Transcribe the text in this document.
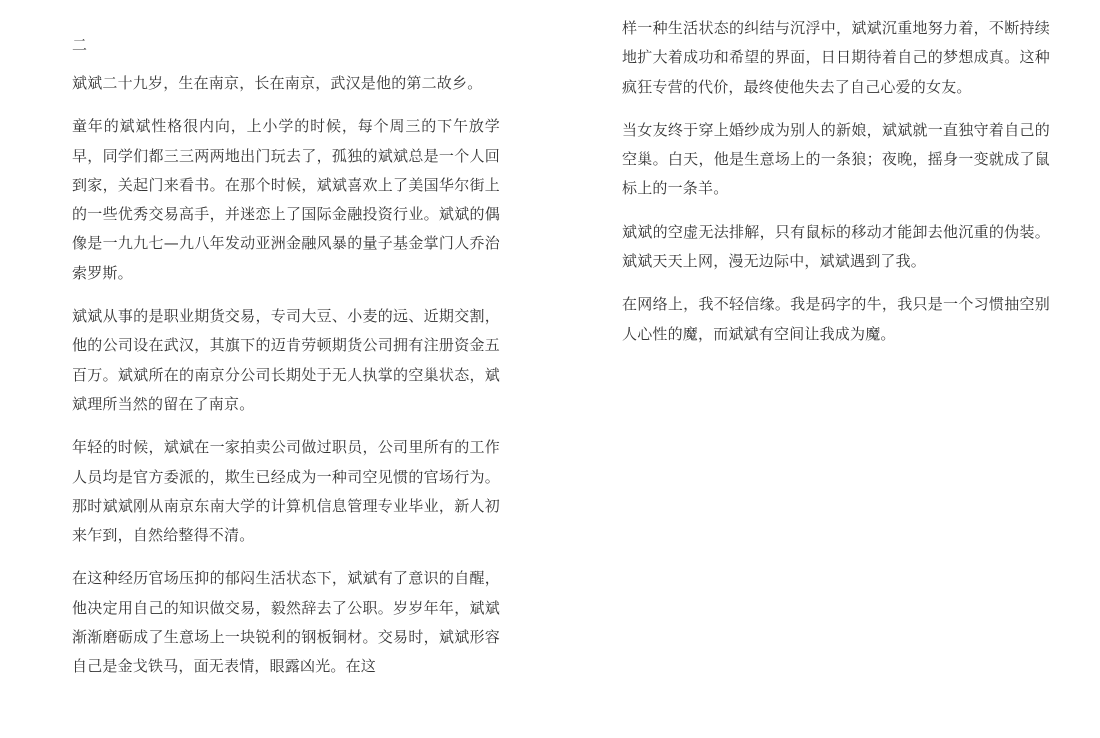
二

斌斌二十九岁，生在南京，长在南京，武汉是他的第二故乡。

童年的斌斌性格很内向，上小学的时候，每个周三的下午放学早，同学们都三三两两地出门玩去了，孤独的斌斌总是一个人回到家，关起门来看书。在那个时候，斌斌喜欢上了美国华尔街上的一些优秀交易高手，并迷恋上了国际金融投资行业。斌斌的偶像是一九九七—九八年发动亚洲金融风暴的量子基金掌门人乔治索罗斯。

斌斌从事的是职业期货交易，专司大豆、小麦的远、近期交割，他的公司设在武汉，其旗下的迈肯劳顿期货公司拥有注册资金五百万。斌斌所在的南京分公司长期处于无人执掌的空巢状态，斌斌理所当然的留在了南京。

年轻的时候，斌斌在一家拍卖公司做过职员，公司里所有的工作人员均是官方委派的，欺生已经成为一种司空见惯的官场行为。那时斌斌刚从南京东南大学的计算机信息管理专业毕业，新人初来乍到，自然给整得不清。

在这种经历官场压抑的郁闷生活状态下，斌斌有了意识的自醒，他决定用自己的知识做交易，毅然辞去了公职。岁岁年年，斌斌渐渐磨砺成了生意场上一块锐利的钢板铜材。交易时，斌斌形容自己是金戈铁马，面无表情，眼露凶光。在这

样一种生活状态的纠结与沉浮中，斌斌沉重地努力着，不断持续地扩大着成功和希望的界面，日日期待着自己的梦想成真。这种疯狂专营的代价，最终使他失去了自己心爱的女友。

当女友终于穿上婚纱成为别人的新娘，斌斌就一直独守着自己的空巢。白天，他是生意场上的一条狼；夜晚，摇身一变就成了鼠标上的一条羊。

斌斌的空虚无法排解，只有鼠标的移动才能卸去他沉重的伪装。斌斌天天上网，漫无边际中，斌斌遇到了我。

在网络上，我不轻信缘。我是码字的牛，我只是一个习惯抽空别人心性的魔，而斌斌有空间让我成为魔。
